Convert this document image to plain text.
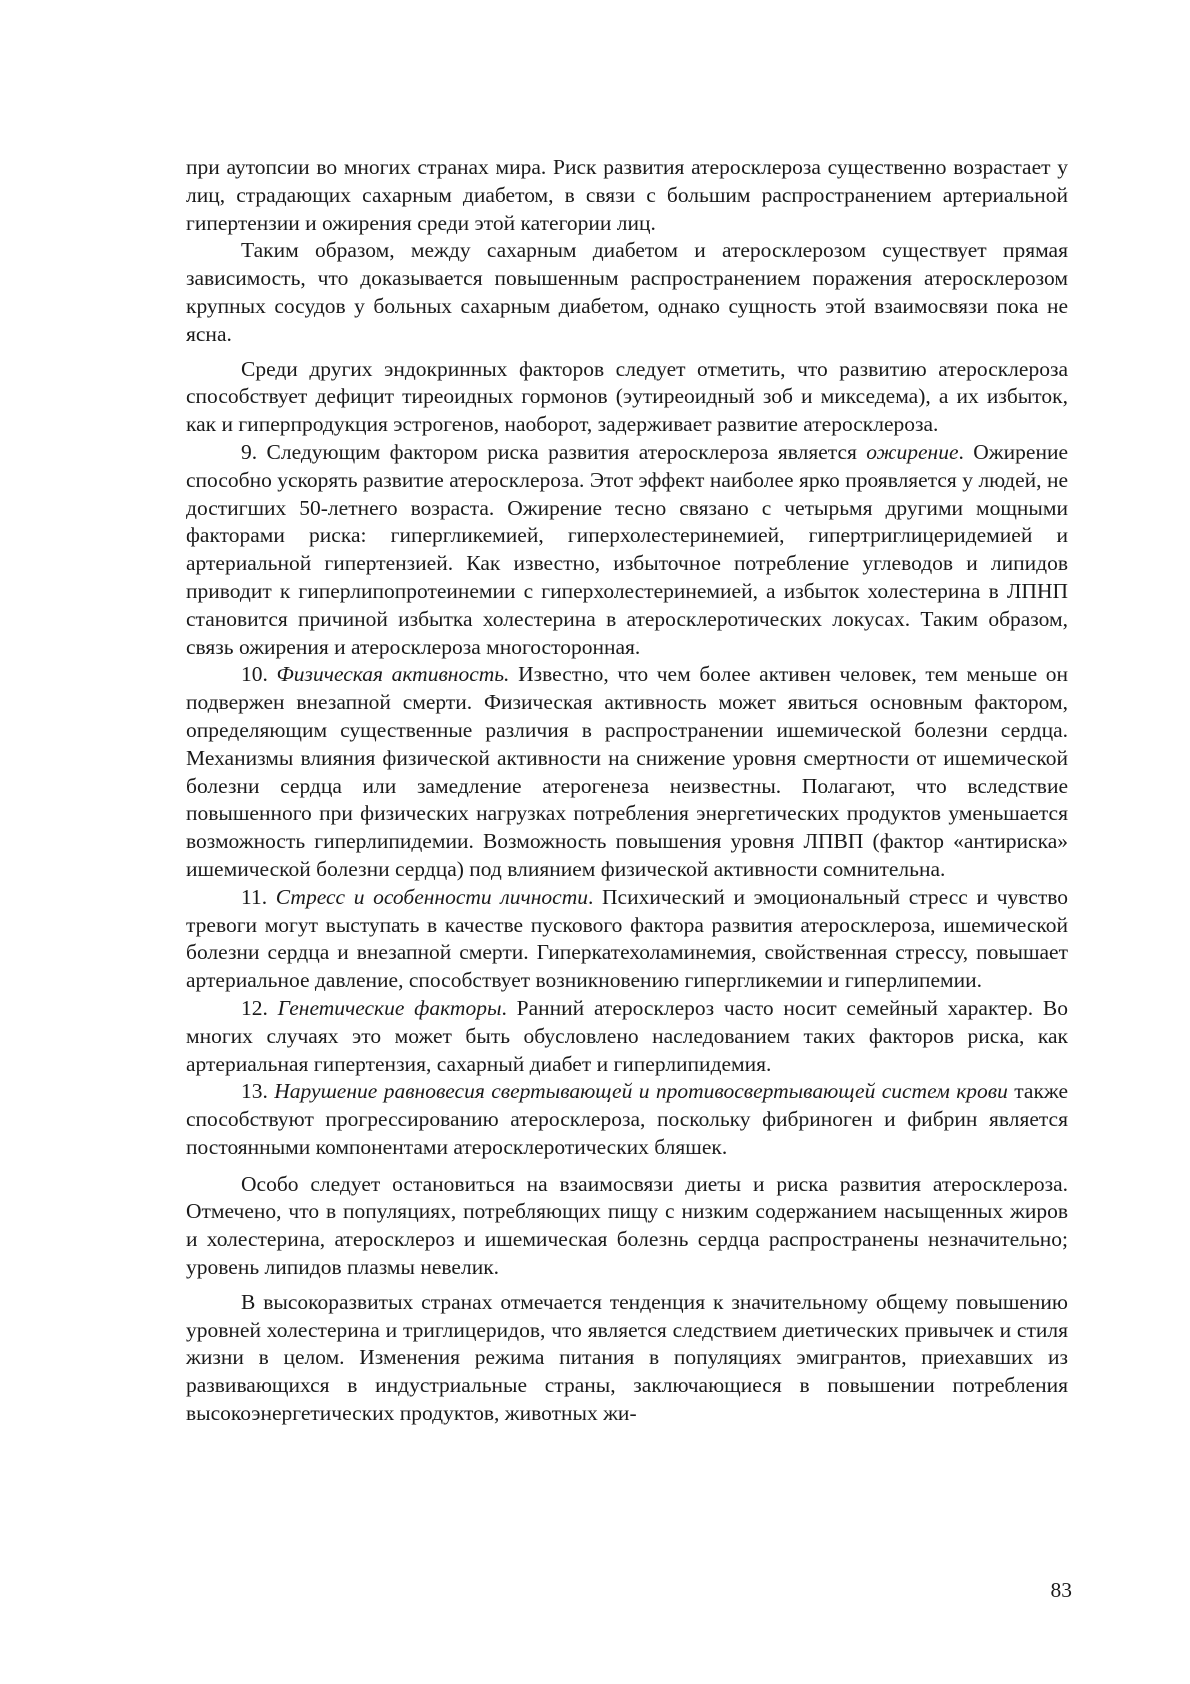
при аутопсии во многих странах мира. Риск развития атеросклероза существенно возрастает у лиц, страдающих сахарным диабетом, в связи с большим распространением артериальной гипертензии и ожирения среди этой категории лиц.

Таким образом, между сахарным диабетом и атеросклерозом существует прямая зависимость, что доказывается повышенным распространением поражения атеросклерозом крупных сосудов у больных сахарным диабетом, однако сущность этой взаимосвязи пока не ясна.

Среди других эндокринных факторов следует отметить, что развитию атеросклероза способствует дефицит тиреоидных гормонов (эутиреоидный зоб и микседема), а их избыток, как и гиперпродукция эстрогенов, наоборот, задерживает развитие атеросклероза.

9. Следующим фактором риска развития атеросклероза является ожирение. Ожирение способно ускорять развитие атеросклероза. Этот эффект наиболее ярко проявляется у людей, не достигших 50-летнего возраста. Ожирение тесно связано с четырьмя другими мощными факторами риска: гипергликемией, гиперхолестеринемией, гипертриглицеридемией и артериальной гипертензией. Как известно, избыточное потребление углеводов и липидов приводит к гиперлипопротеинемии с гиперхолестеринемией, а избыток холестерина в ЛПНП становится причиной избытка холестерина в атеросклеротических локусах. Таким образом, связь ожирения и атеросклероза многосторонная.

10. Физическая активность. Известно, что чем более активен человек, тем меньше он подвержен внезапной смерти. Физическая активность может явиться основным фактором, определяющим существенные различия в распространении ишемической болезни сердца. Механизмы влияния физической активности на снижение уровня смертности от ишемической болезни сердца или замедление атерогенеза неизвестны. Полагают, что вследствие повышенного при физических нагрузках потребления энергетических продуктов уменьшается возможность гиперлипидемии. Возможность повышения уровня ЛПВП (фактор «антириска» ишемической болезни сердца) под влиянием физической активности сомнительна.

11. Стресс и особенности личности. Психический и эмоциональный стресс и чувство тревоги могут выступать в качестве пускового фактора развития атеросклероза, ишемической болезни сердца и внезапной смерти. Гиперкатехоламинемия, свойственная стрессу, повышает артериальное давление, способствует возникновению гипергликемии и гиперлипемии.

12. Генетические факторы. Ранний атеросклероз часто носит семейный характер. Во многих случаях это может быть обусловлено наследованием таких факторов риска, как артериальная гипертензия, сахарный диабет и гиперлипидемия.

13. Нарушение равновесия свертывающей и противосвертывающей систем крови также способствуют прогрессированию атеросклероза, поскольку фибриноген и фибрин является постоянными компонентами атеросклеротических бляшек.

Особо следует остановиться на взаимосвязи диеты и риска развития атеросклероза. Отмечено, что в популяциях, потребляющих пищу с низким содержанием насыщенных жиров и холестерина, атеросклероз и ишемическая болезнь сердца распространены незначительно; уровень липидов плазмы невелик.

В высокоразвитых странах отмечается тенденция к значительному общему повышению уровней холестерина и триглицеридов, что является следствием диетических привычек и стиля жизни в целом. Изменения режима питания в популяциях эмигрантов, приехавших из развивающихся в индустриальные страны, заключающиеся в повышении потребления высокоэнергетических продуктов, животных жи-

83
